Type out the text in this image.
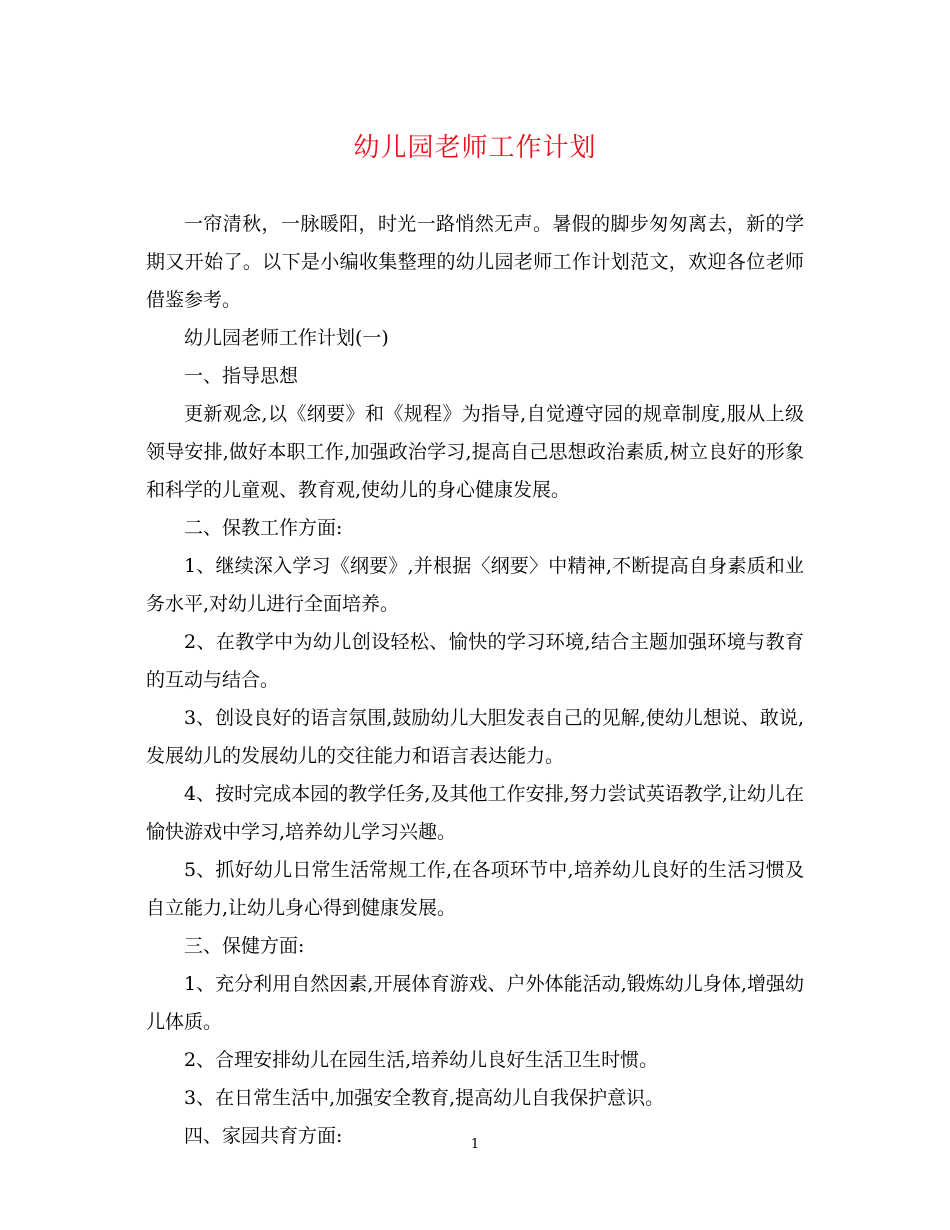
幼儿园老师工作计划

一帘清秋，一脉暖阳，时光一路悄然无声。暑假的脚步匆匆离去，新的学期又开始了。以下是小编收集整理的幼儿园老师工作计划范文，欢迎各位老师借鉴参考。

幼儿园老师工作计划(一)

一、指导思想

更新观念,以《纲要》和《规程》为指导,自觉遵守园的规章制度,服从上级领导安排,做好本职工作,加强政治学习,提高自己思想政治素质,树立良好的形象和科学的儿童观、教育观,使幼儿的身心健康发展。

二、保教工作方面:

1、继续深入学习《纲要》,并根据〈纲要〉中精神,不断提高自身素质和业务水平,对幼儿进行全面培养。

2、在教学中为幼儿创设轻松、愉快的学习环境,结合主题加强环境与教育的互动与结合。

3、创设良好的语言氛围,鼓励幼儿大胆发表自己的见解,使幼儿想说、敢说,发展幼儿的发展幼儿的交往能力和语言表达能力。

4、按时完成本园的教学任务,及其他工作安排,努力尝试英语教学,让幼儿在愉快游戏中学习,培养幼儿学习兴趣。

5、抓好幼儿日常生活常规工作,在各项环节中,培养幼儿良好的生活习惯及自立能力,让幼儿身心得到健康发展。

三、保健方面:

1、充分利用自然因素,开展体育游戏、户外体能活动,锻炼幼儿身体,增强幼儿体质。

2、合理安排幼儿在园生活,培养幼儿良好生活卫生时惯。

3、在日常生活中,加强安全教育,提高幼儿自我保护意识。

四、家园共育方面:	1
